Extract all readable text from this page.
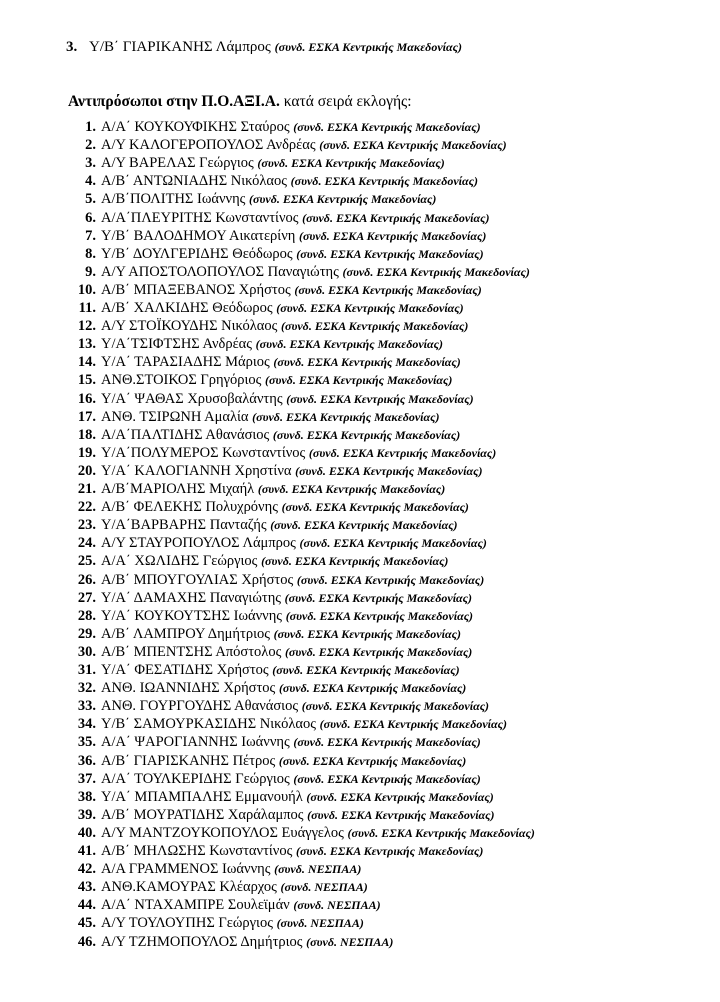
3. Υ/Β΄ ΓΙΑΡΙΚΑΝΗΣ Λάμπρος (συνδ. ΕΣΚΑ Κεντρικής Μακεδονίας)
Αντιπρόσωποι στην Π.Ο.ΑΞΙ.Α. κατά σειρά εκλογής:
1. Α/Α΄ ΚΟΥΚΟΥΦΙΚΗΣ Σταύρος (συνδ. ΕΣΚΑ Κεντρικής Μακεδονίας)
2. Α/Υ ΚΑΛΟΓΕΡΟΠΟΥΛΟΣ Ανδρέας (συνδ. ΕΣΚΑ Κεντρικής Μακεδονίας)
3. Α/Υ ΒΑΡΕΛΑΣ Γεώργιος (συνδ. ΕΣΚΑ Κεντρικής Μακεδονίας)
4. Α/Β΄ ΑΝΤΩΝΙΑΔΗΣ Νικόλαος (συνδ. ΕΣΚΑ Κεντρικής Μακεδονίας)
5. Α/Β΄ΠΟΛΙΤΗΣ Ιωάννης (συνδ. ΕΣΚΑ Κεντρικής Μακεδονίας)
6. Α/Α΄ΠΛΕΥΡΙΤΗΣ Κωνσταντίνος (συνδ. ΕΣΚΑ Κεντρικής Μακεδονίας)
7. Υ/Β΄ ΒΑΛΟΔΗΜΟΥ Αικατερίνη (συνδ. ΕΣΚΑ Κεντρικής Μακεδονίας)
8. Υ/Β΄ ΔΟΥΛΓΕΡΙΔΗΣ Θεόδωρος (συνδ. ΕΣΚΑ Κεντρικής Μακεδονίας)
9. Α/Υ ΑΠΟΣΤΟΛΟΠΟΥΛΟΣ Παναγιώτης (συνδ. ΕΣΚΑ Κεντρικής Μακεδονίας)
10. Α/Β΄ ΜΠΑΞΕΒΑΝΟΣ Χρήστος (συνδ. ΕΣΚΑ Κεντρικής Μακεδονίας)
11. Α/Β΄ ΧΑΛΚΙΔΗΣ Θεόδωρος (συνδ. ΕΣΚΑ Κεντρικής Μακεδονίας)
12. Α/Υ ΣΤΟΪΚΟΥΔΗΣ Νικόλαος (συνδ. ΕΣΚΑ Κεντρικής Μακεδονίας)
13. Υ/Α΄ΤΣΙΦΤΣΗΣ Ανδρέας (συνδ. ΕΣΚΑ Κεντρικής Μακεδονίας)
14. Υ/Α΄ ΤΑΡΑΣΙΑΔΗΣ Μάριος (συνδ. ΕΣΚΑ Κεντρικής Μακεδονίας)
15. ΑΝΘ.ΣΤΟΙΚΟΣ Γρηγόριος (συνδ. ΕΣΚΑ Κεντρικής Μακεδονίας)
16. Υ/Α΄ ΨΑΘΑΣ Χρυσοβαλάντης (συνδ. ΕΣΚΑ Κεντρικής Μακεδονίας)
17. ΑΝΘ. ΤΣΙΡΩΝΗ Αμαλία (συνδ. ΕΣΚΑ Κεντρικής Μακεδονίας)
18. Α/Α΄ΠΑΛΤΙΔΗΣ Αθανάσιος (συνδ. ΕΣΚΑ Κεντρικής Μακεδονίας)
19. Υ/Α΄ΠΟΛΥΜΕΡΟΣ Κωνσταντίνος (συνδ. ΕΣΚΑ Κεντρικής Μακεδονίας)
20. Υ/Α΄ ΚΑΛΟΓΙΑΝΝΗ Χρηστίνα (συνδ. ΕΣΚΑ Κεντρικής Μακεδονίας)
21. Α/Β΄ΜΑΡΙΟΛΗΣ Μιχαήλ (συνδ. ΕΣΚΑ Κεντρικής Μακεδονίας)
22. Α/Β΄ ΦΕΛΕΚΗΣ Πολυχρόνης (συνδ. ΕΣΚΑ Κεντρικής Μακεδονίας)
23. Υ/Α΄ΒΑΡΒΑΡΗΣ Πανταζής (συνδ. ΕΣΚΑ Κεντρικής Μακεδονίας)
24. Α/Υ ΣΤΑΥΡΟΠΟΥΛΟΣ Λάμπρος (συνδ. ΕΣΚΑ Κεντρικής Μακεδονίας)
25. Α/Α΄ ΧΩΛΙΔΗΣ Γεώργιος (συνδ. ΕΣΚΑ Κεντρικής Μακεδονίας)
26. Α/Β΄ ΜΠΟΥΓΟΥΛΙΑΣ Χρήστος (συνδ. ΕΣΚΑ Κεντρικής Μακεδονίας)
27. Υ/Α΄ ΔΑΜΑΧΗΣ Παναγιώτης (συνδ. ΕΣΚΑ Κεντρικής Μακεδονίας)
28. Υ/Α΄ ΚΟΥΚΟΥΤΣΗΣ Ιωάννης (συνδ. ΕΣΚΑ Κεντρικής Μακεδονίας)
29. Α/Β΄ ΛΑΜΠΡΟΥ Δημήτριος (συνδ. ΕΣΚΑ Κεντρικής Μακεδονίας)
30. Α/Β΄ ΜΠΕΝΤΣΗΣ Απόστολος (συνδ. ΕΣΚΑ Κεντρικής Μακεδονίας)
31. Υ/Α΄ ΦΕΣΑΤΙΔΗΣ Χρήστος (συνδ. ΕΣΚΑ Κεντρικής Μακεδονίας)
32. ΑΝΘ. ΙΩΑΝΝΙΔΗΣ Χρήστος (συνδ. ΕΣΚΑ Κεντρικής Μακεδονίας)
33. ΑΝΘ. ΓΟΥΡΓΟΥΔΗΣ Αθανάσιος (συνδ. ΕΣΚΑ Κεντρικής Μακεδονίας)
34. Υ/Β΄ ΣΑΜΟΥΡΚΑΣΙΔΗΣ Νικόλαος (συνδ. ΕΣΚΑ Κεντρικής Μακεδονίας)
35. Α/Α΄ ΨΑΡΟΓΙΑΝΝΗΣ Ιωάννης (συνδ. ΕΣΚΑ Κεντρικής Μακεδονίας)
36. Α/Β΄ ΓΙΑΡΙΣΚΑΝΗΣ Πέτρος (συνδ. ΕΣΚΑ Κεντρικής Μακεδονίας)
37. Α/Α΄ ΤΟΥΛΚΕΡΙΔΗΣ Γεώργιος (συνδ. ΕΣΚΑ Κεντρικής Μακεδονίας)
38. Υ/Α΄ ΜΠΑΜΠΑΛΗΣ Εμμανουήλ (συνδ. ΕΣΚΑ Κεντρικής Μακεδονίας)
39. Α/Β΄ ΜΟΥΡΑΤΙΔΗΣ Χαράλαμπος (συνδ. ΕΣΚΑ Κεντρικής Μακεδονίας)
40. Α/Υ ΜΑΝΤΖΟΥΚΟΠΟΥΛΟΣ Ευάγγελος (συνδ. ΕΣΚΑ Κεντρικής Μακεδονίας)
41. Α/Β΄ ΜΗΛΩΣΗΣ Κωνσταντίνος (συνδ. ΕΣΚΑ Κεντρικής Μακεδονίας)
42. Α/Α ΓΡΑΜΜΕΝΟΣ Ιωάννης (συνδ. ΝΕΣΠΑΑ)
43. ΑΝΘ.ΚΑΜΟΥΡΑΣ Κλέαρχος (συνδ. ΝΕΣΠΑΑ)
44. Α/Α΄ ΝΤΑΧΑΜΠΡΕ Σουλεϊμάν (συνδ. ΝΕΣΠΑΑ)
45. Α/Υ ΤΟΥΛΟΥΠΗΣ Γεώργιος (συνδ. ΝΕΣΠΑΑ)
46. Α/Υ ΤΖΗΜΟΠΟΥΛΟΣ Δημήτριος (συνδ. ΝΕΣΠΑΑ)
